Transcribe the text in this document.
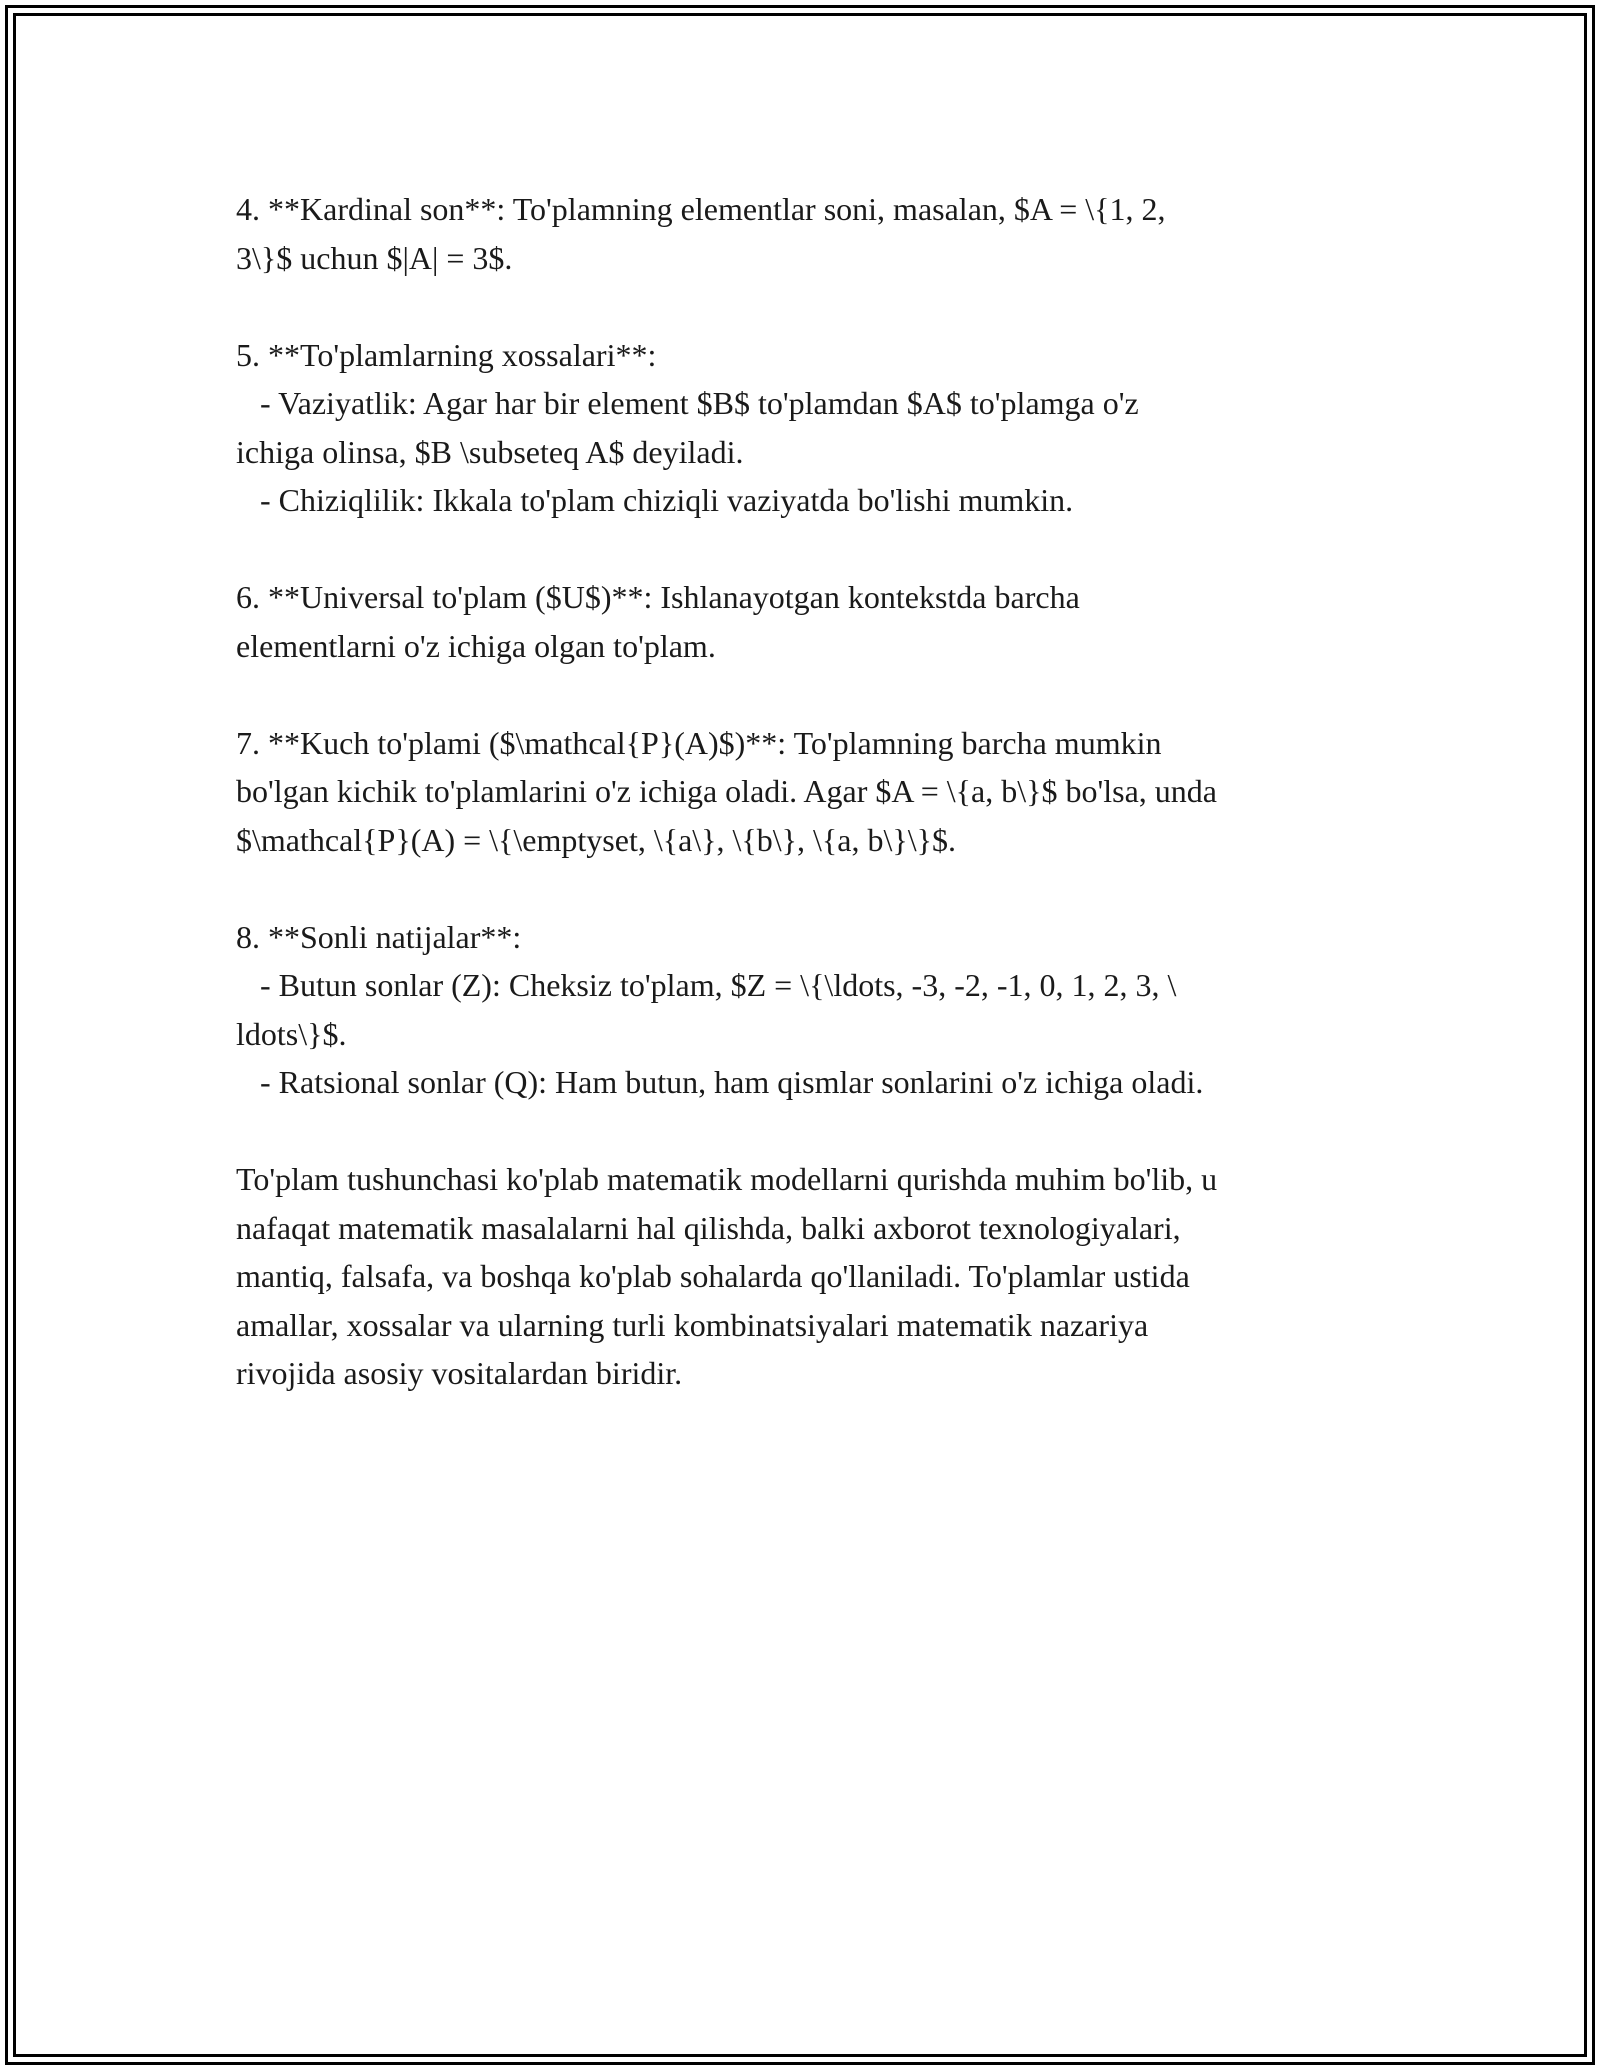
4. **Kardinal son**: To'plamning elementlar soni, masalan, $A = \{1, 2,
3\}$ uchun $|A| = 3$.

5. **To'plamlarning xossalari**:
- Vaziyatlik: Agar har bir element $B$ to'plamdan $A$ to'plamga o'z
ichiga olinsa, $B \subseteq A$ deyiladi.
- Chiziqlilik: Ikkala to'plam chiziqli vaziyatda bo'lishi mumkin.

6. **Universal to'plam ($U$)**: Ishlanayotgan kontekstda barcha
elementlarni o'z ichiga olgan to'plam.

7. **Kuch to'plami ($\mathcal{P}(A)$)**: To'plamning barcha mumkin
bo'lgan kichik to'plamlarini o'z ichiga oladi. Agar $A = \{a, b\}$ bo'lsa, unda
$\mathcal{P}(A) = \{\emptyset, \{a\}, \{b\}, \{a, b\}\}$.

8. **Sonli natijalar**:
- Butun sonlar (Z): Cheksiz to'plam, $Z = \{\ldots, -3, -2, -1, 0, 1, 2, 3, \
ldots\}$.
- Ratsional sonlar (Q): Ham butun, ham qismlar sonlarini o'z ichiga oladi.

To'plam tushunchasi ko'plab matematik modellarni qurishda muhim bo'lib, u
nafaqat matematik masalalarni hal qilishda, balki axborot texnologiyalari,
mantiq, falsafa, va boshqa ko'plab sohalarda qo'llaniladi. To'plamlar ustida
amallar, xossalar va ularning turli kombinatsiyalari matematik nazariya
rivojida asosiy vositalardan biridir.
